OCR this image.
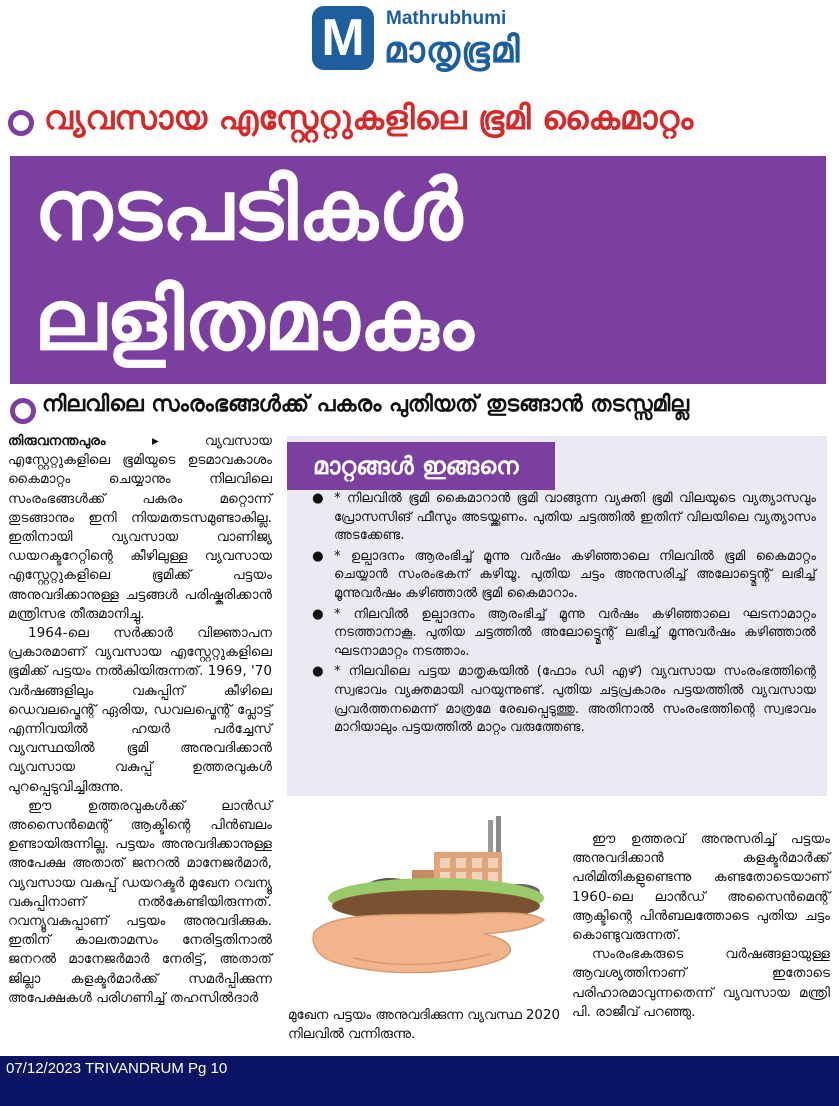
M	Mathrubhumi
മാതൃഭൂമി
വ്യവസായ എസ്റ്റേറ്റുകളിലെ ഭൂമി കൈമാറ്റം
നടപടികൾ
ലളിതമാകും
നിലവിലെ സംരംഭങ്ങൾക്ക് പകരം പുതിയത് തുടങ്ങാൻ തടസ്സമില്ല

തിരുവനന്തപുരം ▸	വ്യവസായ എസ്റ്റേറ്റുകളിലെ ഭൂമിയുടെ ഉടമാവകാശം കൈമാറ്റം ചെയ്യാനും നിലവിലെ സംരംഭങ്ങൾക്ക് പകരം മറ്റൊന്ന് തുടങ്ങാനും ഇനി നിയമതടസമുണ്ടാകില്ല. ഇതിനായി വ്യവസായ വാണിജ്യ ഡയറക്ടറേറ്റിന്റെ കീഴിലുള്ള വ്യവസായ എസ്റ്റേറ്റുകളിലെ ഭൂമിക്ക് പട്ടയം അനുവദിക്കാനുള്ള ചട്ടങ്ങൾ പരിഷ്കരിക്കാൻ മന്ത്രിസഭ തീരുമാനിച്ചു.

1964-ലെ സർക്കാർ വിജ്ഞാപന പ്രകാരമാണ് വ്യവസായ എസ്റ്റേറ്റുകളിലെ ഭൂമിക്ക് പട്ടയം നൽകിയിരുന്നത്. 1969, '70 വർഷങ്ങളിലും വകുപ്പിന് കീഴിലെ ഡെവലപ്മെന്റ് ഏരിയ, ഡവലപ്മെന്റ് പ്ലോട്ട് എന്നിവയിൽ ഹയർ പർച്ചേസ് വ്യവസ്ഥയിൽ ഭൂമി അനുവദിക്കാൻ വ്യവസായ വകുപ്പ് ഉത്തരവുകൾ പുറപ്പെടുവിച്ചിരുന്നു.

ഈ ഉത്തരവുകൾക്ക് ലാൻഡ് അസൈൻമെന്റ് ആക്ടിന്റെ പിൻബലം ഉണ്ടായിരുന്നില്ല. പട്ടയം അനുവദിക്കാനുള്ള അപേക്ഷ അതാത് ജനറൽ മാനേജർമാർ, വ്യവസായ വകുപ്പ് ഡയറക്ടർ മുഖേന റവന്യൂ വകുപ്പിനാണ് നൽകേണ്ടിയിരുന്നത്. റവന്യൂവകുപ്പാണ് പട്ടയം അനുവദിക്കുക. ഇതിന് കാലതാമസം നേരിട്ടതിനാൽ ജനറൽ മാനേജർമാർ നേരിട്ട്, അതാത് ജില്ലാ കളക്ടർമാർക്ക് സമർപ്പിക്കുന്ന അപേക്ഷകൾ പരിഗണിച്ച് തഹസിൽദാർ

മാറ്റങ്ങൾ ഇങ്ങനെ
● * നിലവിൽ ഭൂമി കൈമാറാൻ ഭൂമി വാങ്ങുന്ന വ്യക്തി ഭൂമി വിലയുടെ വ്യത്യാസവും പ്രോസസിങ് ഫീസും അടയ്ക്കണം. പുതിയ ചട്ടത്തിൽ ഇതിന് വിലയിലെ വ്യത്യാസം അടക്കേണ്ട.
● * ഉല്പാദനം ആരംഭിച്ച് മൂന്നു വർഷം കഴിഞ്ഞാലെ നിലവിൽ ഭൂമി കൈമാറ്റം ചെയ്യാൻ സംരംഭകന് കഴിയൂ. പുതിയ ചട്ടം അനുസരിച്ച് അലോട്ട്മെന്റ് ലഭിച്ച് മൂന്നുവർഷം കഴിഞ്ഞാൽ ഭൂമി കൈമാറാം.
● * നിലവിൽ ഉല്പാദനം ആരംഭിച്ച് മൂന്നു വർഷം കഴിഞ്ഞാലെ ഘടനാമാറ്റം നടത്താനാകൂ. പുതിയ ചട്ടത്തിൽ അലോട്ട്മെന്റ് ലഭിച്ച് മൂന്നുവർഷം കഴിഞ്ഞാൽ ഘടനാമാറ്റം നടത്താം.
● * നിലവിലെ പട്ടയ മാതൃകയിൽ (ഫോം ഡി എഴ്) വ്യവസായ സംരംഭത്തിന്റെ സ്വഭാവം വ്യക്തമായി പറയുന്നുണ്ട്. പുതിയ ചട്ടപ്രകാരം പട്ടയത്തിൽ വ്യവസായ പ്രവർത്തനമെന്ന് മാത്രമേ രേഖപ്പെടുത്തു. അതിനാൽ സംരംഭത്തിന്റെ സ്വഭാവം മാറിയാലും പട്ടയത്തിൽ മാറ്റം വരുത്തേണ്ട.
മുഖേന പട്ടയം അനുവദിക്കുന്ന വ്യവസ്ഥ 2020 നിലവിൽ വന്നിരുന്നു.

ഈ ഉത്തരവ് അനുസരിച്ച് പട്ടയം അനുവദിക്കാൻ കളക്ടർമാർക്ക് പരിമിതികളുണ്ടെന്നു കണ്ടതോടെയാണ് 1960-ലെ ലാൻഡ് അസൈൻമെന്റ് ആക്ടിന്റെ പിൻബലത്തോടെ പുതിയ ചട്ടം കൊണ്ടുവരുന്നത്.

സംരംഭകരുടെ വർഷങ്ങളായുള്ള ആവശ്യത്തിനാണ് ഇതോടെ പരിഹാരമാവുന്നതെന്ന് വ്യവസായ മന്ത്രി പി. രാജീവ് പറഞ്ഞു.

07/12/2023 TRIVANDRUM Pg 10
